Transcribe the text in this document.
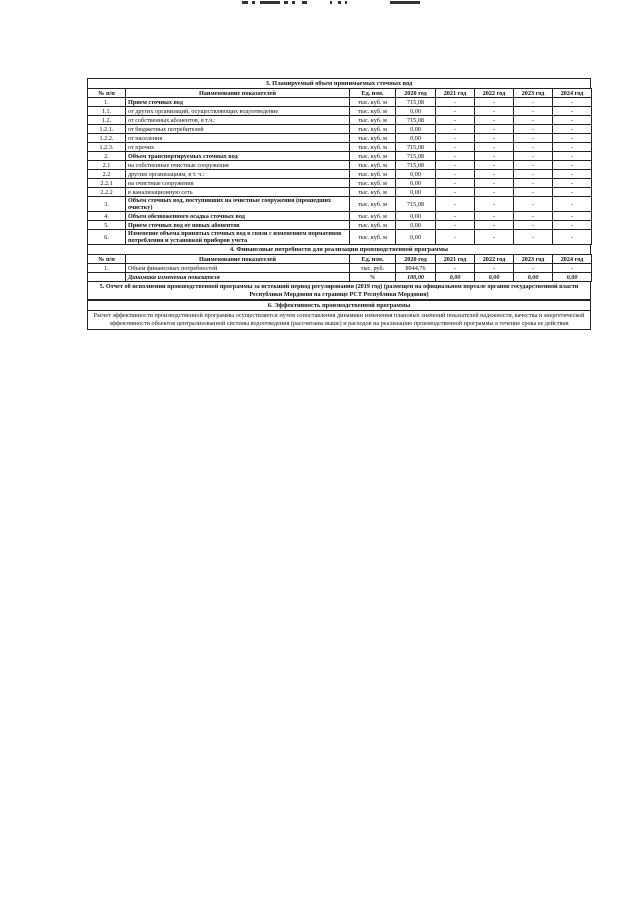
3. Планируемый объем принимаемых сточных вод
№ п/п	Наименование показателей	Ед. изм.	2020 год	2021 год	2022 год	2023 год	2024 год
1.	Прием сточных вод	тыс. куб. м	715,08	-	-	-	-
1.1.	от других организаций, осуществляющих водоотведение	тыс. куб. м	0,00	-	-	-	-
1.2.	от собственных абонентов, в т.ч.:	тыс. куб. м	715,08	-	-	-	-
1.2.1.	от бюджетных потребителей	тыс. куб. м	0,00	-	-	-	-
1.2.2.	от населения	тыс. куб. м	0,00	-	-	-	-
1.2.3.	от прочих	тыс. куб. м	715,08	-	-	-	-
2.	Объем транспортируемых сточных вод	тыс. куб. м	715,08	-	-	-	-
2.1	на собственные очистные сооружения	тыс. куб. м	715,08	-	-	-	-
2.2	другим организациям, в т. ч.:	тыс. куб. м	0,00	-	-	-	-
2.2.1	на очистные сооружения	тыс. куб. м	0,00	-	-	-	-
2.2.2	в канализационную сеть	тыс. куб. м	0,00	-	-	-	-
3.	Объем сточных вод, поступивших на очистные сооружения (прошедших очистку)	тыс. куб. м	715,08	-	-	-	-
4.	Объем обезвоженного осадка сточных вод	тыс. куб. м	0,00	-	-	-	-
5.	Прием сточных вод от новых абонентов	тыс. куб. м	0,00	-	-	-	-
6.	Изменение объема принятых сточных вод в связи с изменением нормативов потребления и установкой приборов учета	тыс. куб. м	0,00	-	-	-	-
4. Финансовые потребности для реализации производственной программы
№ п/п	Наименование показателей	Ед. изм.	2020 год	2021 год	2022 год	2023 год	2024 год
1.	Объем финансовых потребностей	тыс. руб.	8944,76	-	-	-	-
	Динамика изменения показателя	%	100,00	0,00	0,00	0,00	0,00
5. Отчет об исполнении производственной программы за истекший период регулирования (2019 год) (размещен на официальном портале органов государственной власти Республики Мордовия на странице РСТ Республики Мордовия)
6. Эффективность производственной программы
Расчет эффективности производственной программы осуществляется путем сопоставления динамики изменения плановых значений показателей надежности, качества и энергетической эффективности объектов централизованной системы водоотведения (рассчитаны выше) и расходов на реализацию производственной программы в течение срока ее действия
